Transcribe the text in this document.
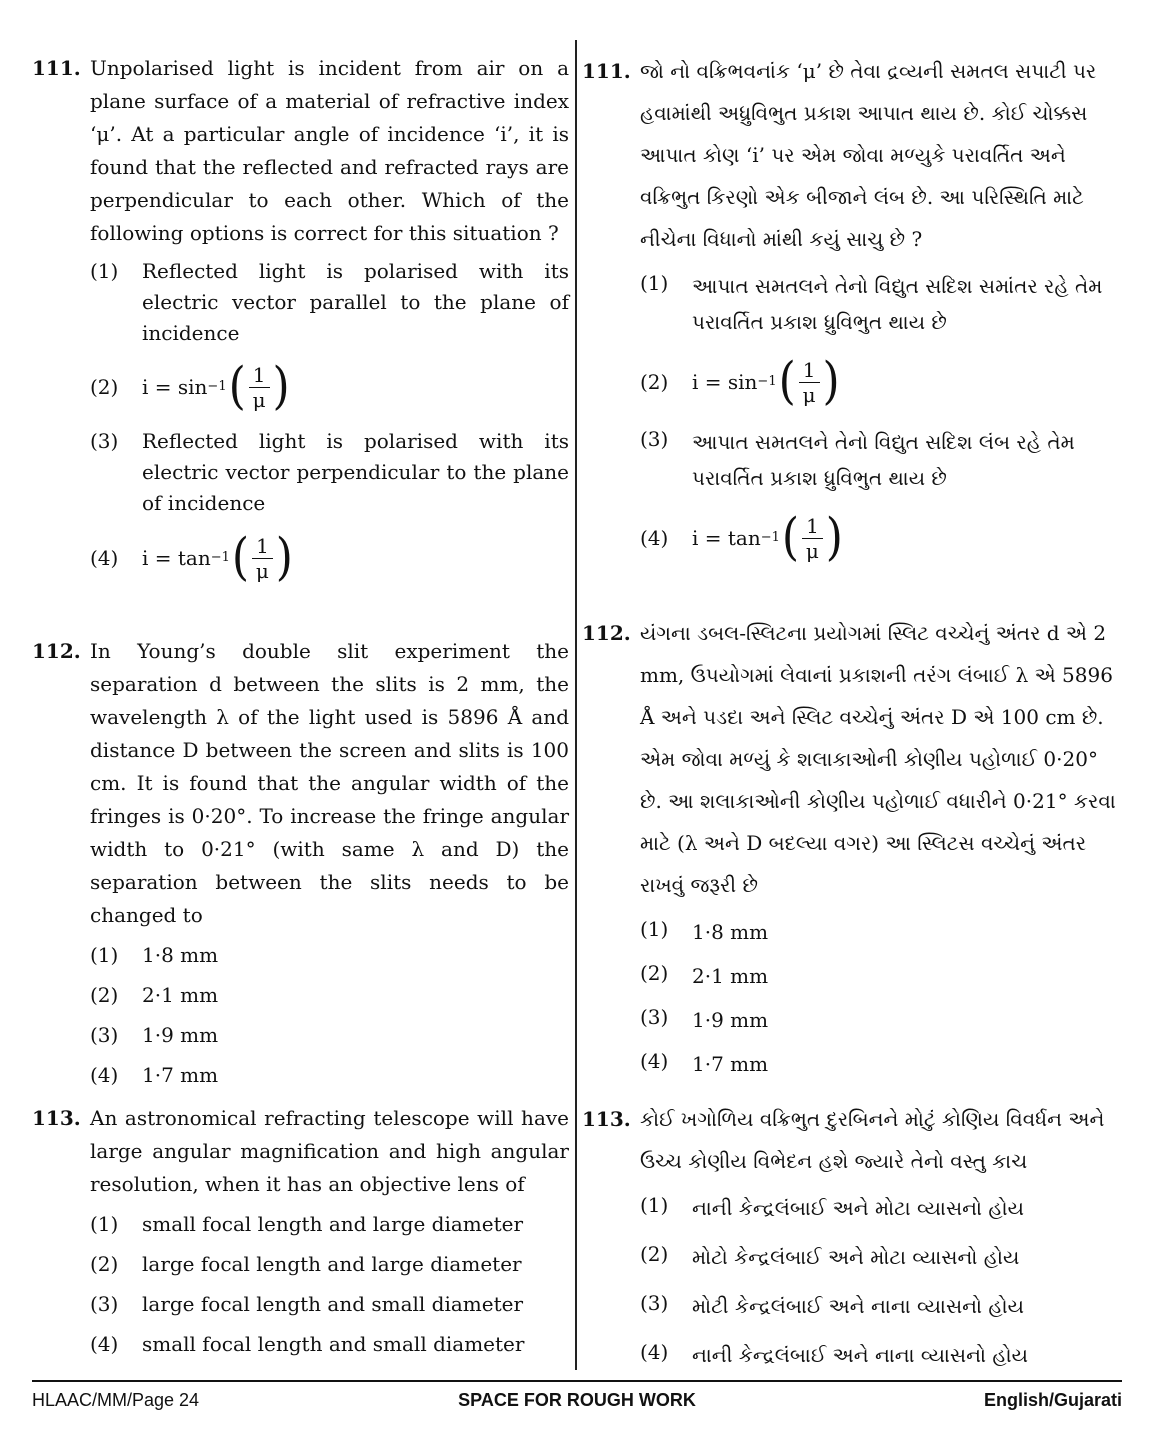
111. Unpolarised light is incident from air on a plane surface of a material of refractive index ‘μ’. At a particular angle of incidence ‘i’, it is found that the reflected and refracted rays are perpendicular to each other. Which of the following options is correct for this situation ?
(1)	Reflected light is polarised with its electric vector parallel to the plane of incidence
(2)	i = sin −1 ( $\frac{1}{\mu}$ )
(3)	Reflected light is polarised with its electric vector perpendicular to the plane of incidence
(4)	i = tan −1 ( $\frac{1}{\mu}$ )
112. In Young’s double slit experiment the separation d between the slits is 2 mm, the wavelength λ of the light used is 5896 Å and distance D between the screen and slits is 100 cm. It is found that the angular width of the fringes is 0·20°. To increase the fringe angular width to 0·21° (with same λ and D) the separation between the slits needs to be changed to
(1)	1·8 mm
(2)	2·1 mm
(3)	1·9 mm
(4)	1·7 mm
113. An astronomical refracting telescope will have large angular magnification and high angular resolution, when it has an objective lens of
(1)	small focal length and large diameter
(2)	large focal length and large diameter
(3)	large focal length and small diameter
(4)	small focal length and small diameter
111. જો નો વક્રિભવનાંક ‘μ’ છે તેવા દ્રવ્યની સમતલ સપાટી પર હવામાંથી અધ્રુવિભુત પ્રકાશ આપાત થાય છે. કોઈ ચોક્કસ આપાત કોણ ‘i’ પર એમ જોવા મળ્યુકે પરાવર્તિત અને વક્રિભુત કિરણો એક બીજાને લંબ છે. આ પરિસ્થિતિ માટે નીચેના વિધાનો માંથી કયું સાચુ છે ?
(1)	આપાત સમતલને તેનો વિદ્યુત સદિશ સમાંતર રહે તેમ પરાવર્તિત પ્રકાશ ધ્રુવિભુત થાય છે
(2)	i = sin −1 ( $\frac{1}{\mu}$ )
(3)	આપાત સમતલને તેનો વિદ્યુત સદિશ લંબ રહે તેમ પરાવર્તિત પ્રકાશ ધ્રુવિભુત થાય છે
(4)	i = tan −1 ( $\frac{1}{\mu}$ )
112. યંગના ડબલ-સ્લિટના પ્રયોગમાં સ્લિટ વચ્ચેનું અંતર d એ 2 mm, ઉપયોગમાં લેવાનાં પ્રકાશની તરંગ લંબાઈ λ એ 5896 Å અને પડદા અને સ્લિટ વચ્ચેનું અંતર D એ 100 cm છે. એમ જોવા મળ્યું કે શલાકાઓની કોણીય પહોળાઈ 0·20° છે. આ શલાકાઓની કોણીય પહોળાઈ વધારીને 0·21° કરવા માટે (λ અને D બદલ્યા વગર) આ સ્લિટસ વચ્ચેનું અંતર રાખવું જરૂરી છે
(1)	1·8 mm
(2)	2·1 mm
(3)	1·9 mm
(4)	1·7 mm
113. કોઈ ખગોળિય વક્રિભુત દુરબિનને મોટું કોણિય વિવર્ધન અને ઉચ્ચ કોણીય વિભેદન હશે જ્યારે તેનો વસ્તુ કાચ
(1)	નાની કેન્દ્રલંબાઈ અને મોટા વ્યાસનો હોય
(2)	મોટો કેન્દ્રલંબાઈ અને મોટા વ્યાસનો હોય
(3)	મોટી કેન્દ્રલંબાઈ અને નાના વ્યાસનો હોય
(4)	નાની કેન્દ્રલંબાઈ અને નાના વ્યાસનો હોય
HLAAC/MM/Page 24	SPACE FOR ROUGH WORK	English/Gujarati
